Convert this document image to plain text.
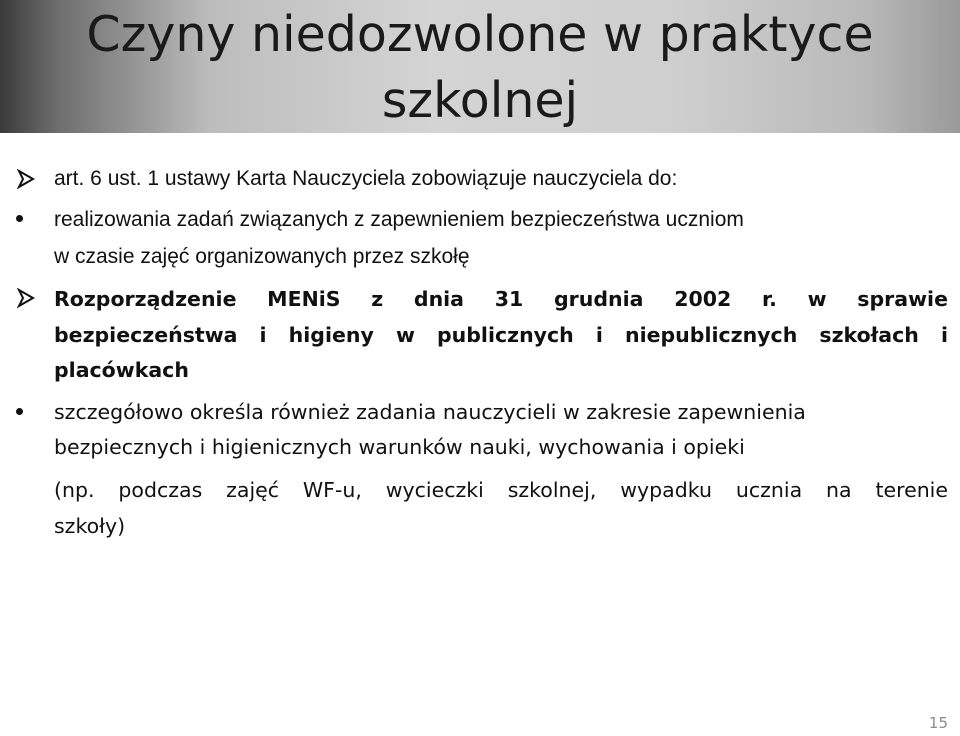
Czyny niedozwolone w praktyce
szkolnej

art. 6 ust. 1 ustawy Karta Nauczyciela zobowiązuje nauczyciela do:

realizowania zadań związanych z zapewnieniem bezpieczeństwa uczniom

w czasie zajęć organizowanych przez szkołę

Rozporządzenie MENiS z dnia 31 grudnia 2002 r. w sprawie

bezpieczeństwa i higieny w publicznych i niepublicznych szkołach i

placówkach

szczegółowo określa również zadania nauczycieli w zakresie zapewnienia

bezpiecznych i higienicznych warunków nauki, wychowania i opieki

(np. podczas zajęć WF-u, wycieczki szkolnej, wypadku ucznia na terenie

szkoły)

15
